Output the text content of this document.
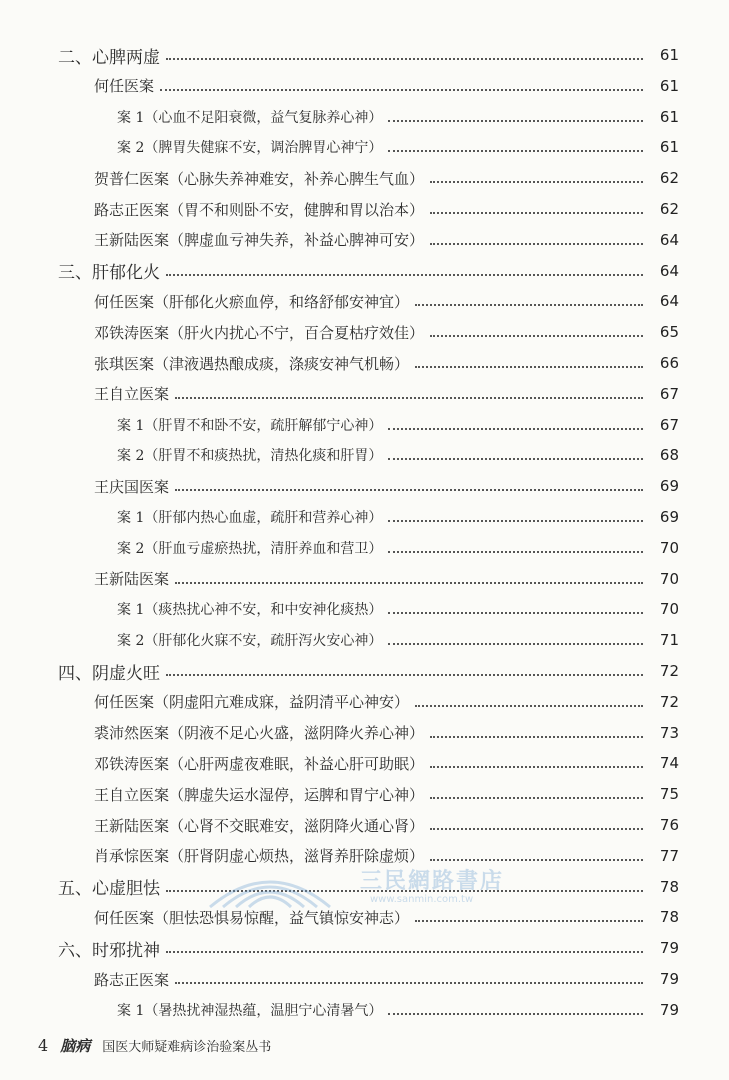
二、心脾两虚	61
何任医案	61
案 1（心血不足阳衰微，益气复脉养心神）	61
案 2（脾胃失健寐不安，调治脾胃心神宁）	61
贺普仁医案（心脉失养神难安，补养心脾生气血）	62
路志正医案（胃不和则卧不安，健脾和胃以治本）	62
王新陆医案（脾虚血亏神失养，补益心脾神可安）	64
三、肝郁化火	64
何任医案（肝郁化火瘀血停，和络舒郁安神宜）	64
邓铁涛医案（肝火内扰心不宁，百合夏枯疗效佳）	65
张琪医案（津液遇热酿成痰，涤痰安神气机畅）	66
王自立医案	67
案 1（肝胃不和卧不安，疏肝解郁宁心神）	67
案 2（肝胃不和痰热扰，清热化痰和肝胃）	68
王庆国医案	69
案 1（肝郁内热心血虚，疏肝和营养心神）	69
案 2（肝血亏虚瘀热扰，清肝养血和营卫）	70
王新陆医案	70
案 1（痰热扰心神不安，和中安神化痰热）	70
案 2（肝郁化火寐不安，疏肝泻火安心神）	71
四、阴虚火旺	72
何任医案（阴虚阳亢难成寐，益阴清平心神安）	72
裘沛然医案（阴液不足心火盛，滋阴降火养心神）	73
邓铁涛医案（心肝两虚夜难眠，补益心肝可助眠）	74
王自立医案（脾虚失运水湿停，运脾和胃宁心神）	75
王新陆医案（心肾不交眠难安，滋阴降火通心肾）	76
肖承悰医案（肝肾阴虚心烦热，滋肾养肝除虚烦）	77
五、心虚胆怯	78
何任医案（胆怯恐惧易惊醒，益气镇惊安神志）	78
六、时邪扰神	79
路志正医案	79
案 1（暑热扰神湿热蕴，温胆宁心清暑气）	79
三民網路書店
www.sanmin.com.tw
4 脑病 国医大师疑难病诊治验案丛书
